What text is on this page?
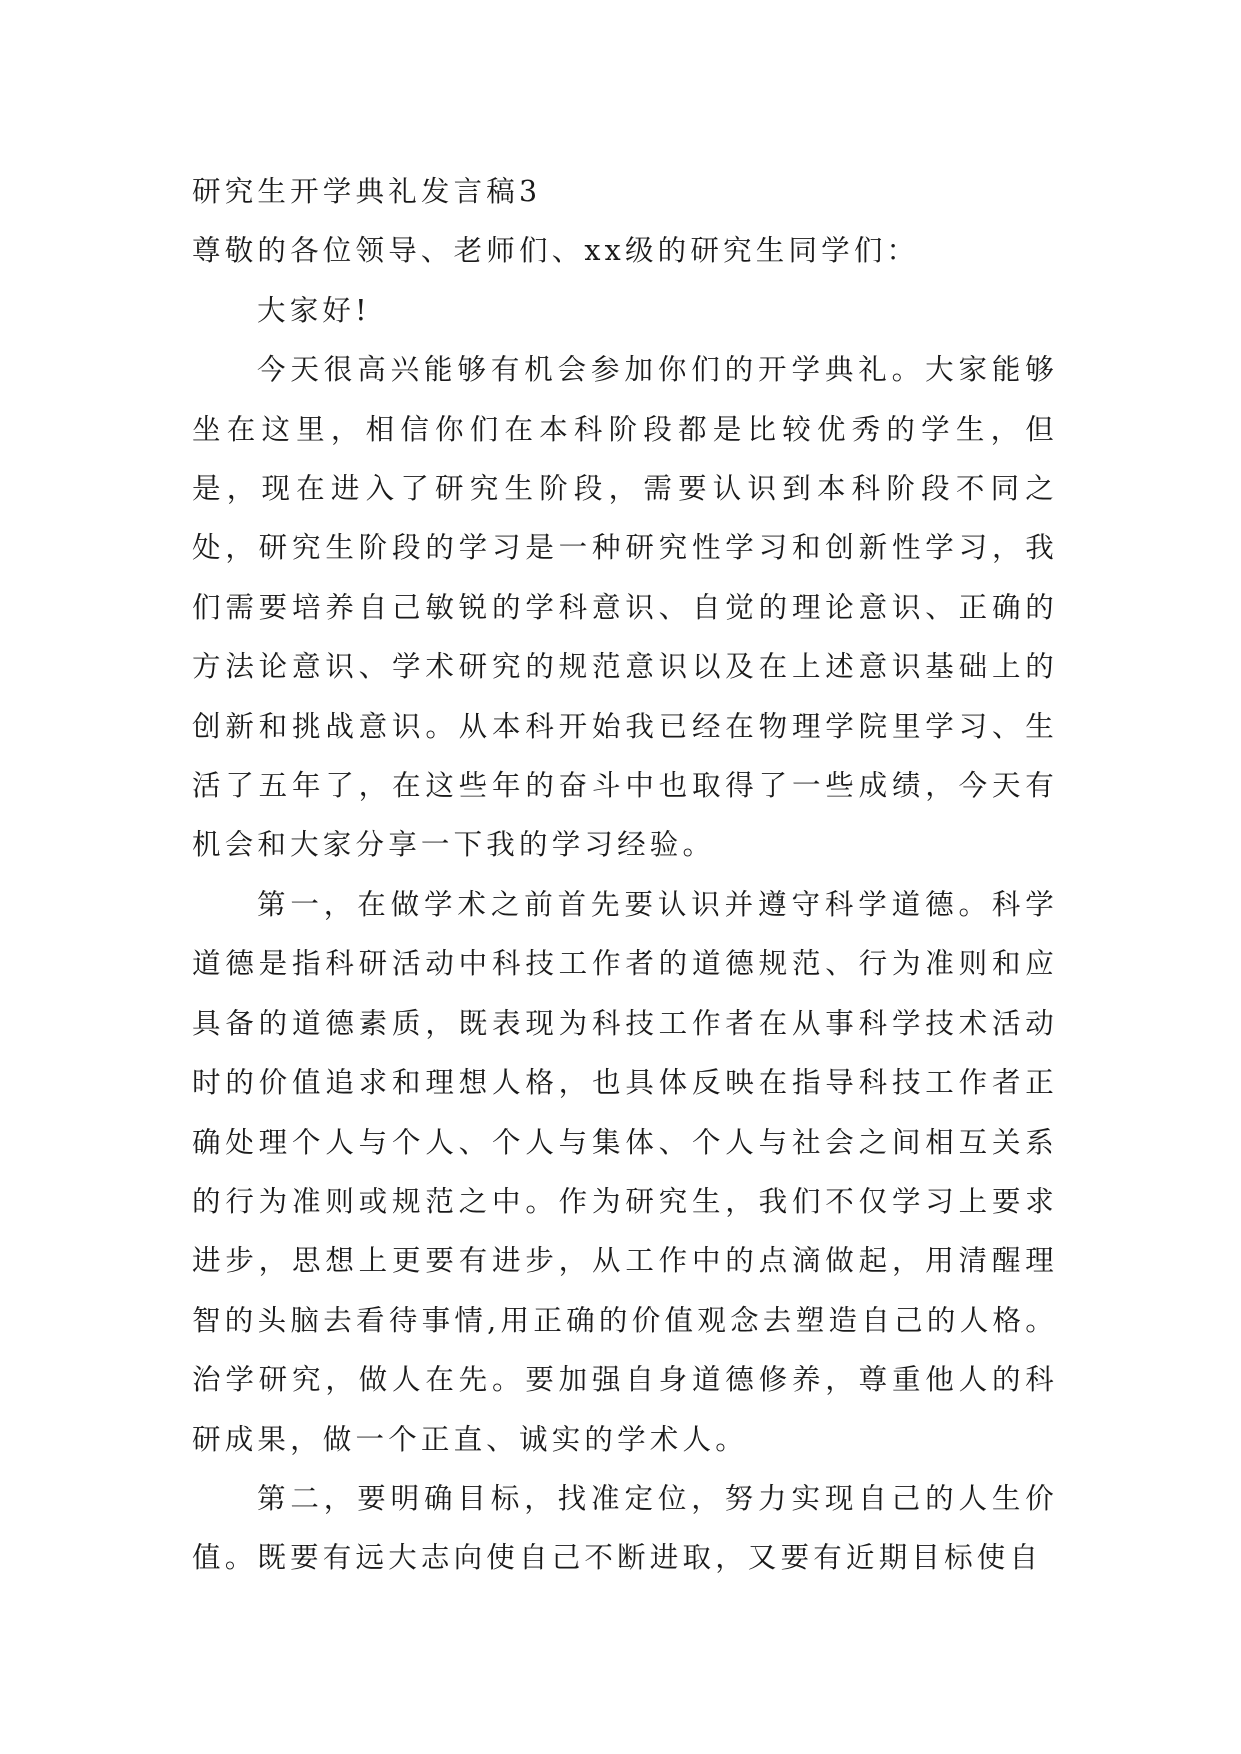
研究生开学典礼发言稿3

尊敬的各位领导、老师们、xx级的研究生同学们：

大家好!

今天很高兴能够有机会参加你们的开学典礼。大家能够坐在这里，相信你们在本科阶段都是比较优秀的学生，但是，现在进入了研究生阶段，需要认识到本科阶段不同之处，研究生阶段的学习是一种研究性学习和创新性学习，我们需要培养自己敏锐的学科意识、自觉的理论意识、正确的方法论意识、学术研究的规范意识以及在上述意识基础上的创新和挑战意识。从本科开始我已经在物理学院里学习、生活了五年了，在这些年的奋斗中也取得了一些成绩，今天有机会和大家分享一下我的学习经验。

第一，在做学术之前首先要认识并遵守科学道德。科学道德是指科研活动中科技工作者的道德规范、行为准则和应具备的道德素质，既表现为科技工作者在从事科学技术活动时的价值追求和理想人格，也具体反映在指导科技工作者正确处理个人与个人、个人与集体、个人与社会之间相互关系的行为准则或规范之中。作为研究生，我们不仅学习上要求进步，思想上更要有进步，从工作中的点滴做起，用清醒理智的头脑去看待事情,用正确的价值观念去塑造自己的人格。治学研究，做人在先。要加强自身道德修养，尊重他人的科研成果，做一个正直、诚实的学术人。

第二，要明确目标，找准定位，努力实现自己的人生价值。既要有远大志向使自己不断进取，又要有近期目标使自
